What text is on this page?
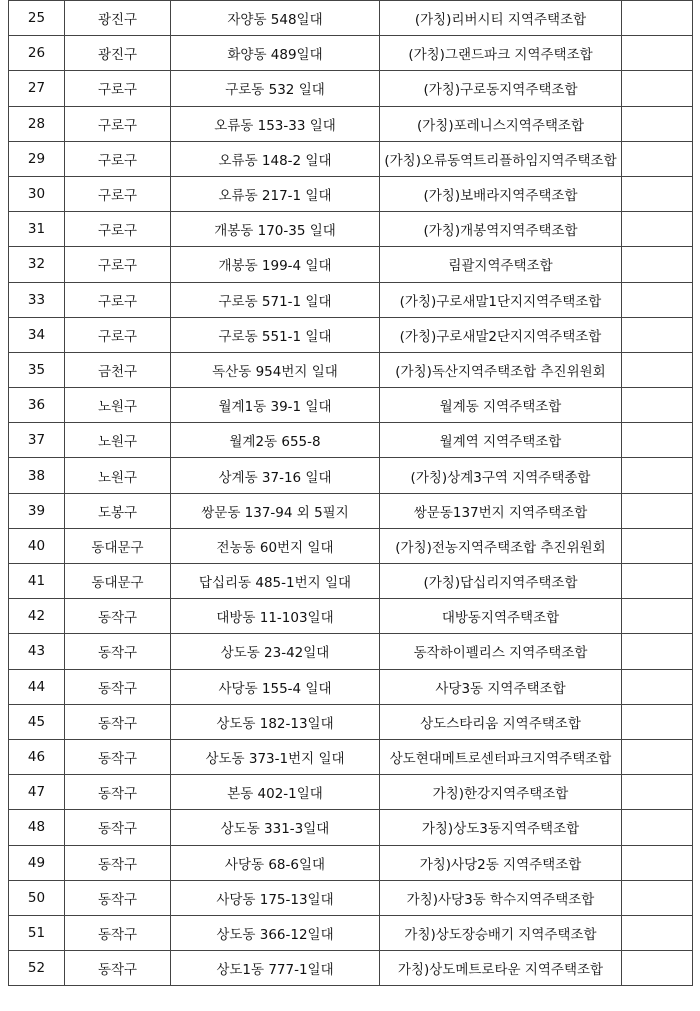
25	광진구	자양동 548일대	(가칭)리버시티 지역주택조합	
26	광진구	화양동 489일대	(가칭)그랜드파크 지역주택조합	
27	구로구	구로동 532 일대	(가칭)구로동지역주택조합	
28	구로구	오류동 153-33 일대	(가칭)포레니스지역주택조합	
29	구로구	오류동 148-2 일대	(가칭)오류동역트리플하임지역주택조합	
30	구로구	오류동 217-1 일대	(가칭)보배라지역주택조합	
31	구로구	개봉동 170-35 일대	(가칭)개봉역지역주택조합	
32	구로구	개봉동 199-4 일대	림괄지역주택조합	
33	구로구	구로동 571-1 일대	(가칭)구로새말1단지지역주택조합	
34	구로구	구로동 551-1 일대	(가칭)구로새말2단지지역주택조합	
35	금천구	독산동 954번지 일대	(가칭)독산지역주택조합 추진위원회	
36	노원구	월계1동 39-1 일대	월계동 지역주택조합	
37	노원구	월계2동 655-8	월계역 지역주택조합	
38	노원구	상계동 37-16 일대	(가칭)상계3구역 지역주택종합	
39	도봉구	쌍문동 137-94 외 5필지	쌍문동137번지 지역주택조합	
40	동대문구	전농동 60번지 일대	(가칭)전농지역주택조합 추진위원회	
41	동대문구	답십리동 485-1번지 일대	(가칭)답십리지역주택조합	
42	동작구	대방동 11-103일대	대방동지역주택조합	
43	동작구	상도동 23-42일대	동작하이펠리스 지역주택조합	
44	동작구	사당동 155-4 일대	사당3동 지역주택조합	
45	동작구	상도동 182-13일대	상도스타리움 지역주택조합	
46	동작구	상도동 373-1번지 일대	상도현대메트로센터파크지역주택조합	
47	동작구	본동 402-1일대	가칭)한강지역주택조합	
48	동작구	상도동 331-3일대	가칭)상도3동지역주택조합	
49	동작구	사당동 68-6일대	가칭)사당2동 지역주택조합	
50	동작구	사당동 175-13일대	가칭)사당3동 학수지역주택조합	
51	동작구	상도동 366-12일대	가칭)상도장승배기 지역주택조합	
52	동작구	상도1동 777-1일대	가칭)상도메트로타운 지역주택조합	
